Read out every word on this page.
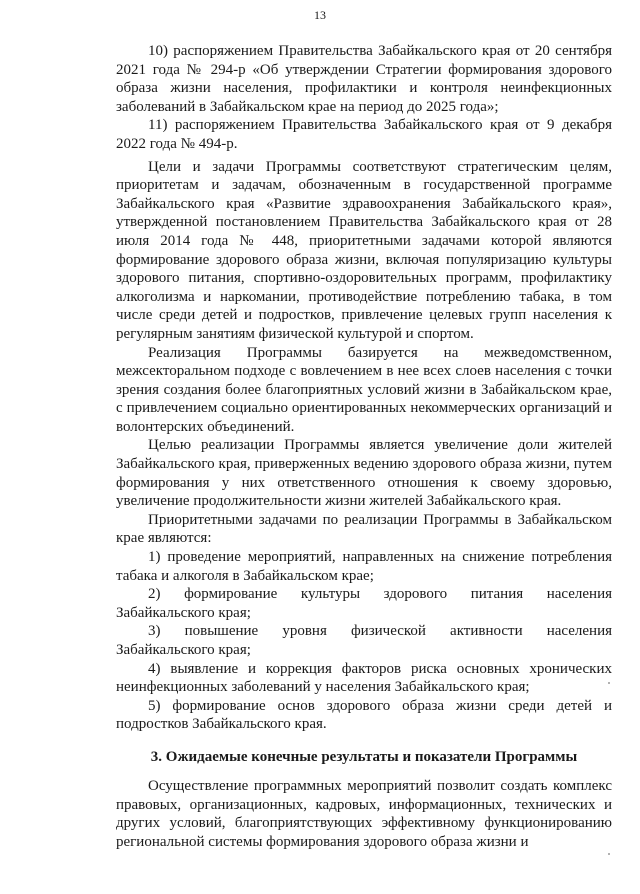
13

10) распоряжением Правительства Забайкальского края от 20 сентября 2021 года № 294-р «Об утверждении Стратегии формирования здорового образа жизни населения, профилактики и контроля неинфекционных заболеваний в Забайкальском крае на период до 2025 года»;

11) распоряжением Правительства Забайкальского края от 9 декабря 2022 года № 494-р.

Цели и задачи Программы соответствуют стратегическим целям, приоритетам и задачам, обозначенным в государственной программе Забайкальского края «Развитие здравоохранения Забайкальского края», утвержденной постановлением Правительства Забайкальского края от 28 июля 2014 года № 448, приоритетными задачами которой являются формирование здорового образа жизни, включая популяризацию культуры здорового питания, спортивно-оздоровительных программ, профилактику алкоголизма и наркомании, противодействие потреблению табака, в том числе среди детей и подростков, привлечение целевых групп населения к регулярным занятиям физической культурой и спортом.

Реализация Программы базируется на межведомственном, межсекторальном подходе с вовлечением в нее всех слоев населения с точки зрения создания более благоприятных условий жизни в Забайкальском крае, с привлечением социально ориентированных некоммерческих организаций и волонтерских объединений.

Целью реализации Программы является увеличение доли жителей Забайкальского края, приверженных ведению здорового образа жизни, путем формирования у них ответственного отношения к своему здоровью, увеличение продолжительности жизни жителей Забайкальского края.

Приоритетными задачами по реализации Программы в Забайкальском крае являются:

1) проведение мероприятий, направленных на снижение потребления табака и алкоголя в Забайкальском крае;

2) формирование культуры здорового питания населения Забайкальского края;

3) повышение уровня физической активности населения Забайкальского края;

4) выявление и коррекция факторов риска основных хронических неинфекционных заболеваний у населения Забайкальского края;

5) формирование основ здорового образа жизни среди детей и подростков Забайкальского края.

3. Ожидаемые конечные результаты и показатели Программы

Осуществление программных мероприятий позволит создать комплекс правовых, организационных, кадровых, информационных, технических и других условий, благоприятствующих эффективному функционированию региональной системы формирования здорового образа жизни и
